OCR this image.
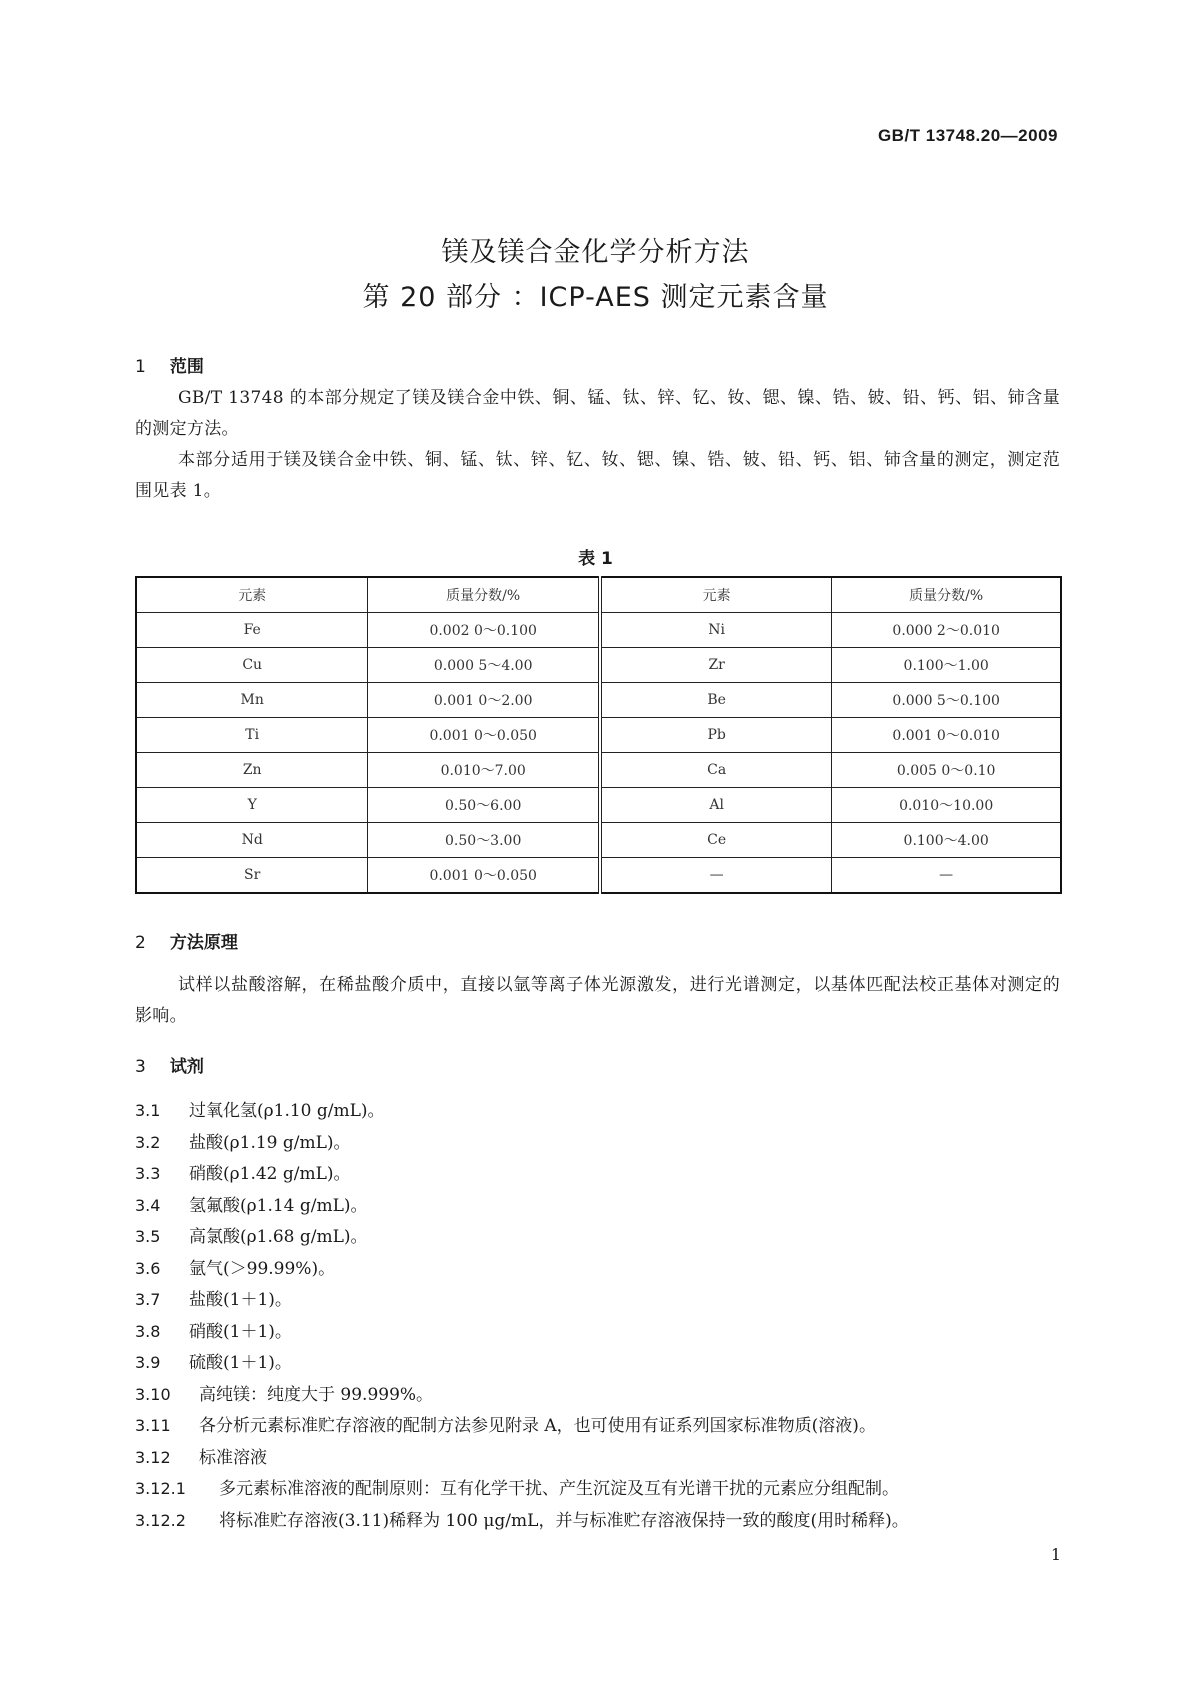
GB/T 13748.20—2009
镁及镁合金化学分析方法
第 20 部分 ：ICP-AES 测定元素含量
1 范围
GB/T 13748 的本部分规定了镁及镁合金中铁、铜、锰、钛、锌、钇、钕、锶、镍、锆、铍、铅、钙、铝、铈含量的测定方法。
本部分适用于镁及镁合金中铁、铜、锰、钛、锌、钇、钕、锶、镍、锆、铍、铅、钙、铝、铈含量的测定，测定范围见表 1。
表 1
元素	质量分数/%	元素	质量分数/%
Fe	0.002 0～0.100	Ni	0.000 2～0.010
Cu	0.000 5～4.00	Zr	0.100～1.00
Mn	0.001 0～2.00	Be	0.000 5～0.100
Ti	0.001 0～0.050	Pb	0.001 0～0.010
Zn	0.010～7.00	Ca	0.005 0～0.10
Y	0.50～6.00	Al	0.010～10.00
Nd	0.50～3.00	Ce	0.100～4.00
Sr	0.001 0～0.050	—	—
2 方法原理
试样以盐酸溶解，在稀盐酸介质中，直接以氩等离子体光源激发，进行光谱测定，以基体匹配法校正基体对测定的影响。
3 试剂
3.1 过氧化氢(ρ1.10 g/mL)。
3.2 盐酸(ρ1.19 g/mL)。
3.3 硝酸(ρ1.42 g/mL)。
3.4 氢氟酸(ρ1.14 g/mL)。
3.5 高氯酸(ρ1.68 g/mL)。
3.6 氩气(＞99.99%)。
3.7 盐酸(1＋1)。
3.8 硝酸(1＋1)。
3.9 硫酸(1＋1)。
3.10 高纯镁：纯度大于 99.999%。
3.11 各分析元素标准贮存溶液的配制方法参见附录 A，也可使用有证系列国家标准物质(溶液)。
3.12 标准溶液
3.12.1 多元素标准溶液的配制原则：互有化学干扰、产生沉淀及互有光谱干扰的元素应分组配制。
3.12.2 将标准贮存溶液(3.11)稀释为 100 μg/mL，并与标准贮存溶液保持一致的酸度(用时稀释)。
1
